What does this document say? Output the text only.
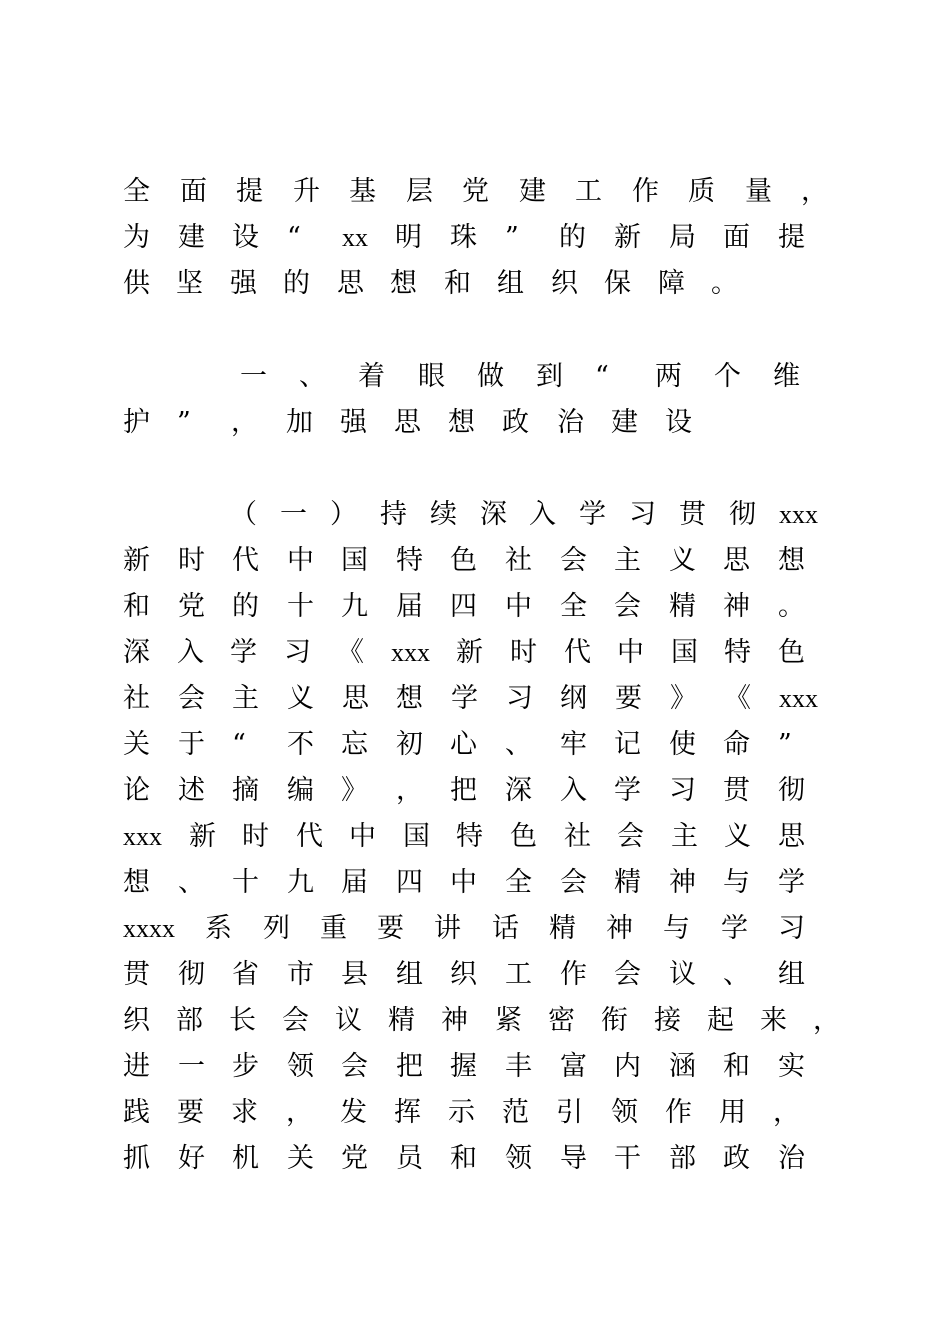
全 面 提 升 基 层 党 建 工 作 质 量 ，

为 建 设 “ xx 明 珠 ” 的 新 局 面 提

供 坚 强 的 思 想 和 组 织 保 障 。

一 、 着 眼 做 到 “ 两 个 维

护 ” ， 加 强 思 想 政 治 建 设

（ 一 ） 持 续 深 入 学 习 贯 彻 xxx

新 时 代 中 国 特 色 社 会 主 义 思 想

和 党 的 十 九 届 四 中 全 会 精 神 。

深 入 学 习 《 xxx 新 时 代 中 国 特 色

社 会 主 义 思 想 学 习 纲 要 》 《 xxx

关 于 “ 不 忘 初 心 、 牢 记 使 命 ”

论 述 摘 编 》 ， 把 深 入 学 习 贯 彻

xxx 新 时 代 中 国 特 色 社 会 主 义 思

想 、 十 九 届 四 中 全 会 精 神 与 学

xxxx 系 列 重 要 讲 话 精 神 与 学 习

贯 彻 省 市 县 组 织 工 作 会 议 、 组

织 部 长 会 议 精 神 紧 密 衔 接 起 来 ，

进 一 步 领 会 把 握 丰 富 内 涵 和 实

践 要 求 ， 发 挥 示 范 引 领 作 用 ，

抓 好 机 关 党 员 和 领 导 干 部 政 治
